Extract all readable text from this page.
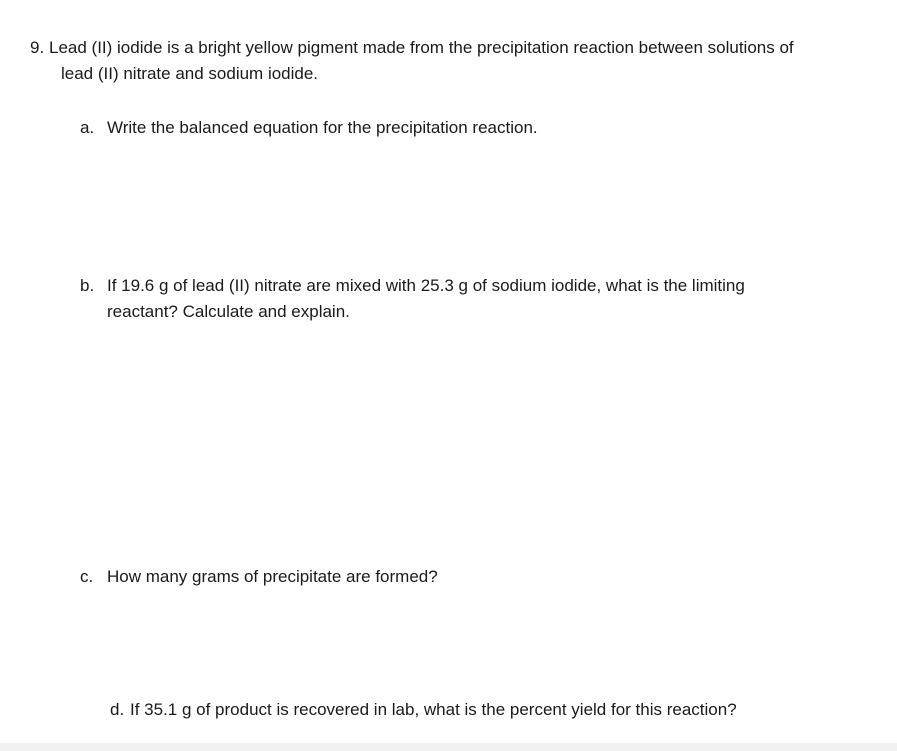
9. Lead (II) iodide is a bright yellow pigment made from the precipitation reaction between solutions of
lead (II) nitrate and sodium iodide.
a. Write the balanced equation for the precipitation reaction.
b. If 19.6 g of lead (II) nitrate are mixed with 25.3 g of sodium iodide, what is the limiting
reactant? Calculate and explain.
c. How many grams of precipitate are formed?
d. If 35.1 g of product is recovered in lab, what is the percent yield for this reaction?
